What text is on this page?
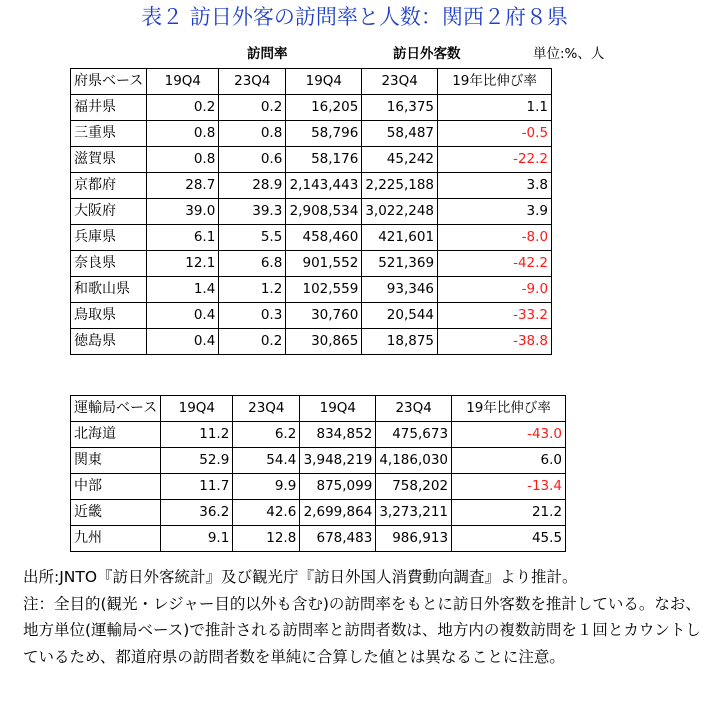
表２ 訪日外客の訪問率と人数：関西２府８県
訪問率	訪日外客数	単位:%、人
府県ベース	19Q4	23Q4	19Q4	23Q4	19年比伸び率
福井県	0.2	0.2	16,205	16,375	1.1
三重県	0.8	0.8	58,796	58,487	-0.5
滋賀県	0.8	0.6	58,176	45,242	-22.2
京都府	28.7	28.9	2,143,443	2,225,188	3.8
大阪府	39.0	39.3	2,908,534	3,022,248	3.9
兵庫県	6.1	5.5	458,460	421,601	-8.0
奈良県	12.1	6.8	901,552	521,369	-42.2
和歌山県	1.4	1.2	102,559	93,346	-9.0
鳥取県	0.4	0.3	30,760	20,544	-33.2
徳島県	0.4	0.2	30,865	18,875	-38.8
運輸局ベース	19Q4	23Q4	19Q4	23Q4	19年比伸び率
北海道	11.2	6.2	834,852	475,673	-43.0
関東	52.9	54.4	3,948,219	4,186,030	6.0
中部	11.7	9.9	875,099	758,202	-13.4
近畿	36.2	42.6	2,699,864	3,273,211	21.2
九州	9.1	12.8	678,483	986,913	45.5
出所:JNTO『訪日外客統計』及び観光庁『訪日外国人消費動向調査』より推計。
注：全目的(観光・レジャー目的以外も含む)の訪問率をもとに訪日外客数を推計している。なお、地方単位(運輸局ベース)で推計される訪問率と訪問者数は、地方内の複数訪問を１回とカウントしているため、都道府県の訪問者数を単純に合算した値とは異なることに注意。
